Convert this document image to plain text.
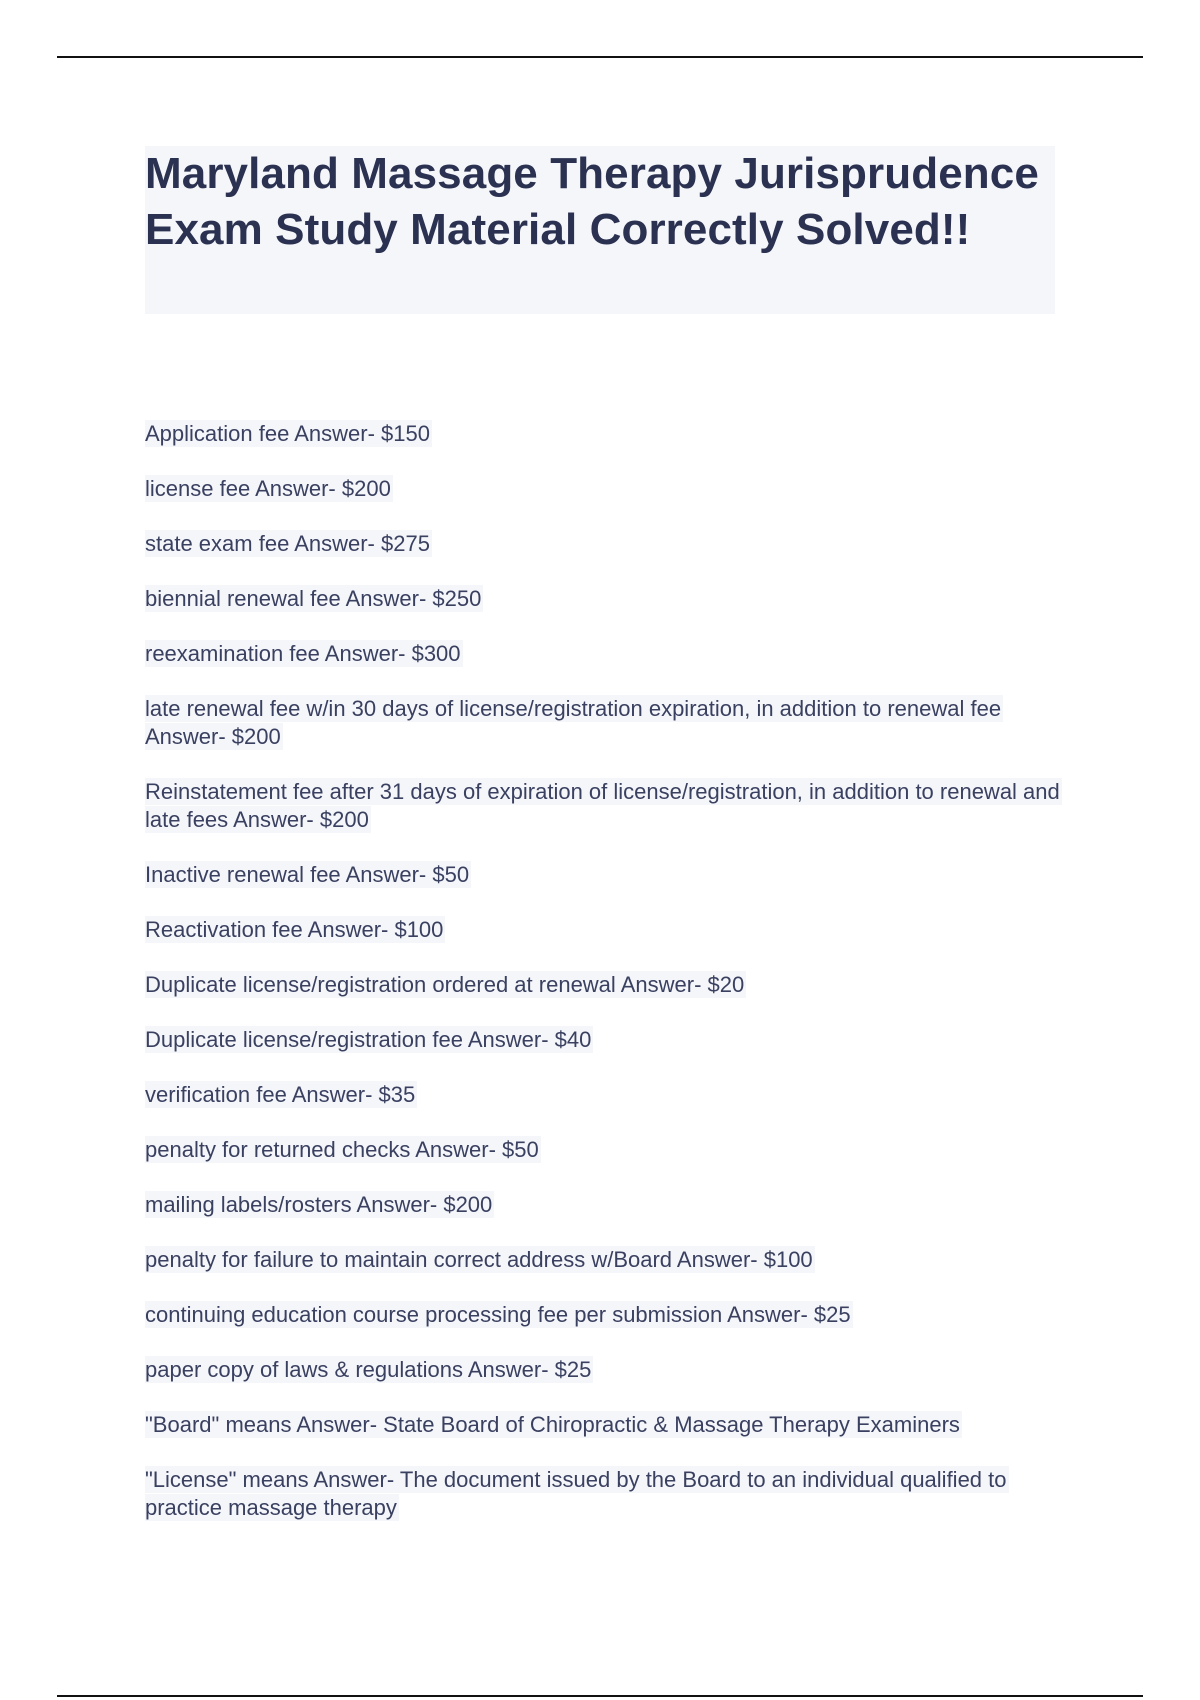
Maryland Massage Therapy Jurisprudence Exam Study Material Correctly Solved!!
Application fee Answer- $150
license fee Answer- $200
state exam fee Answer- $275
biennial renewal fee Answer- $250
reexamination fee Answer- $300
late renewal fee w/in 30 days of license/registration expiration, in addition to renewal fee Answer- $200
Reinstatement fee after 31 days of expiration of license/registration, in addition to renewal and late fees Answer- $200
Inactive renewal fee Answer- $50
Reactivation fee Answer- $100
Duplicate license/registration ordered at renewal Answer- $20
Duplicate license/registration fee Answer- $40
verification fee Answer- $35
penalty for returned checks Answer- $50
mailing labels/rosters Answer- $200
penalty for failure to maintain correct address w/Board Answer- $100
continuing education course processing fee per submission Answer- $25
paper copy of laws & regulations Answer- $25
"Board" means Answer- State Board of Chiropractic & Massage Therapy Examiners
"License" means Answer- The document issued by the Board to an individual qualified to practice massage therapy
